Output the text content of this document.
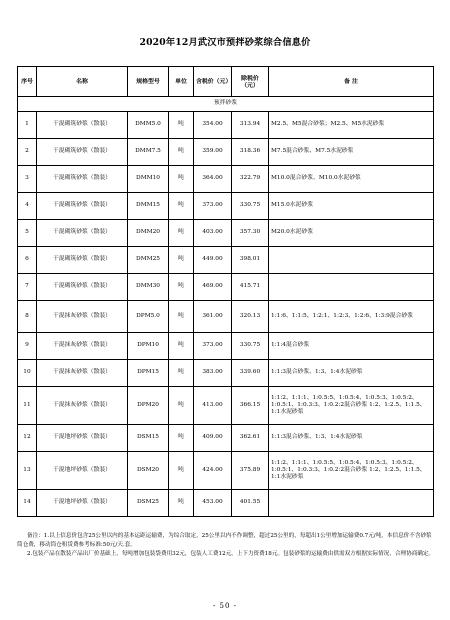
2020年12月武汉市预拌砂浆综合信息价
序号	名称	规格型号	单位	含税价（元）	除税价（元）	备 注
预拌砂浆						
1	干混砌筑砂浆（散装）	DMM5.0	吨	354.00	313.94	M2.5、M5混合砂浆；M2.5、M5水泥砂浆
2	干混砌筑砂浆（散装）	DMM7.5	吨	359.00	318.36	M7.5混合砂浆、M7.5水泥砂浆
3	干混砌筑砂浆（散装）	DMM10	吨	364.00	322.79	M10.0混合砂浆、M10.0水泥砂浆
4	干混砌筑砂浆（散装）	DMM15	吨	373.00	330.75	M15.0水泥砂浆
5	干混砌筑砂浆（散装）	DMM20	吨	403.00	357.30	M20.0水泥砂浆
6	干混砌筑砂浆（散装）	DMM25	吨	449.00	398.01	
7	干混砌筑砂浆（散装）	DMM30	吨	469.00	415.71	
8	干混抹灰砂浆（散装）	DPM5.0	吨	361.00	320.13	1:1:6、1:1:5、1:2:1、1:2:3、1:2:6、1:3:9混合砂浆
9	干混抹灰砂浆（散装）	DPM10	吨	373.00	330.75	1:1:4混合砂浆
10	干混抹灰砂浆（散装）	DPM15	吨	383.00	339.60	1:1:3混合砂浆、1:3、1:4水泥砂浆
11	干混抹灰砂浆（散装）	DPM20	吨	413.00	366.15	1:1:2、1:1:1、1:0.5:5、1:0.5:4、1:0.5:3、1:0.5:2、1:0.5:1、1:0.3:3、1:0.2:2混合砂浆 1:2、1:2.5、1:1.5、1:1水泥砂浆
12	干混地坪砂浆（散装）	DSM15	吨	409.00	362.61	1:1:3混合砂浆、1:3、1:4水泥砂浆
13	干混地坪砂浆（散装）	DSM20	吨	424.00	375.89	1:1:2、1:1:1、1:0.5:5、1:0.5:4、1:0.5:3、1:0.5:2、1:0.5:1、1:0.3:3、1:0.2:2混合砂浆 1:2、1:2.5、1:1.5、1:1水泥砂浆
14	干混地坪砂浆（散装）	DSM25	吨	453.00	401.55	

备注：1.以上信息价包含25公里以内的基本运距运输费，为综合取定，25公里以内不作调整，超过25公里的，每超出1公里增加运输费0.7元/吨，本信息价不含砂浆筒仓费，移动筒仓租赁费参考标准:50元/天.套。

2.包装产品在散装产品出厂价基础上，每吨增加包装袋费用32元，包装人工费12元，上下力资费18元。包装砂浆的运输费由供需双方根据实际情况，合理协商确定。

- 50 -
